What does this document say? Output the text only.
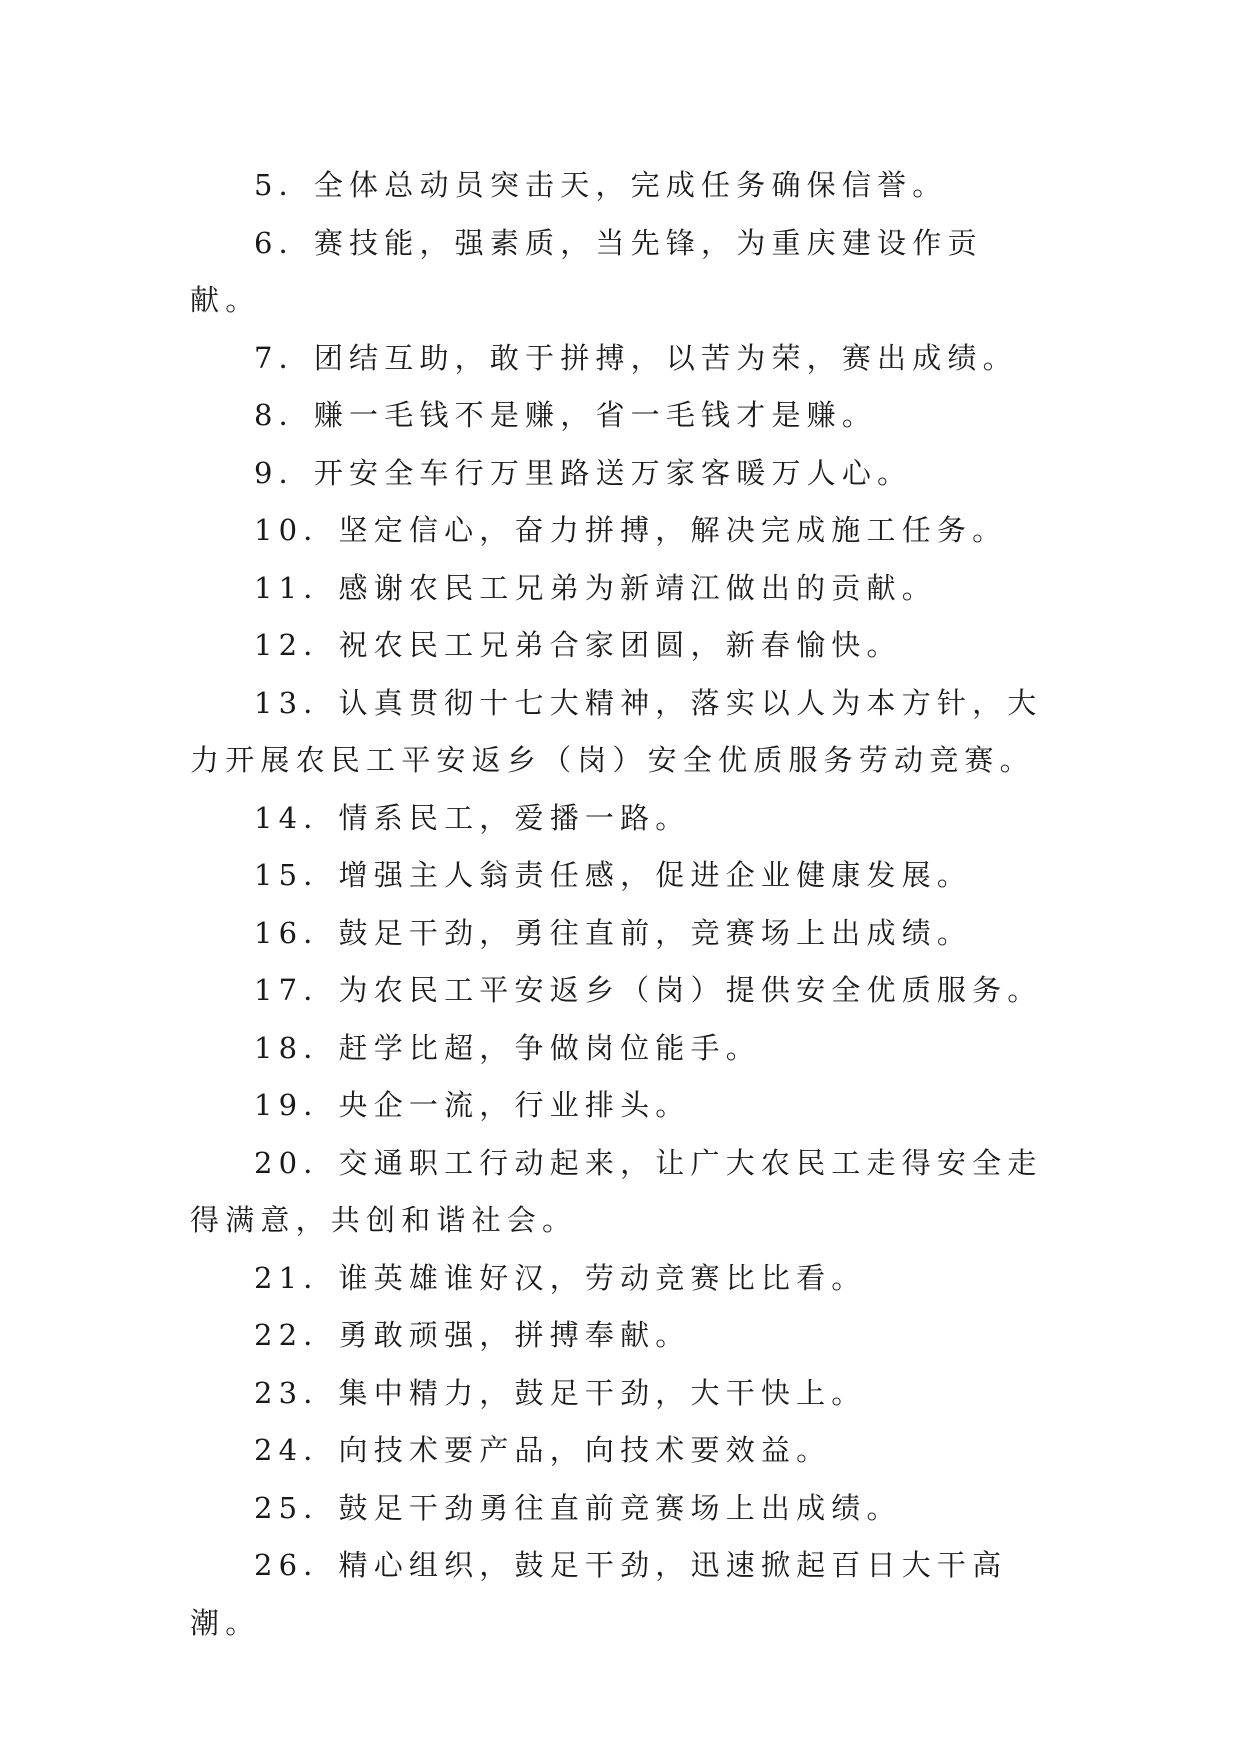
5．全体总动员突击天，完成任务确保信誉。

6．赛技能，强素质，当先锋，为重庆建设作贡献。

7．团结互助，敢于拼搏，以苦为荣，赛出成绩。

8．赚一毛钱不是赚，省一毛钱才是赚。

9．开安全车行万里路送万家客暖万人心。

10．坚定信心，奋力拼搏，解决完成施工任务。

11．感谢农民工兄弟为新靖江做出的贡献。

12．祝农民工兄弟合家团圆，新春愉快。

13．认真贯彻十七大精神，落实以人为本方针，大力开展农民工平安返乡（岗）安全优质服务劳动竞赛。

14．情系民工，爱播一路。

15．增强主人翁责任感，促进企业健康发展。

16．鼓足干劲，勇往直前，竞赛场上出成绩。

17．为农民工平安返乡（岗）提供安全优质服务。

18．赶学比超，争做岗位能手。

19．央企一流，行业排头。

20．交通职工行动起来，让广大农民工走得安全走得满意，共创和谐社会。

21．谁英雄谁好汉，劳动竞赛比比看。

22．勇敢顽强，拼搏奉献。

23．集中精力，鼓足干劲，大干快上。

24．向技术要产品，向技术要效益。

25．鼓足干劲勇往直前竞赛场上出成绩。

26．精心组织，鼓足干劲，迅速掀起百日大干高潮。
